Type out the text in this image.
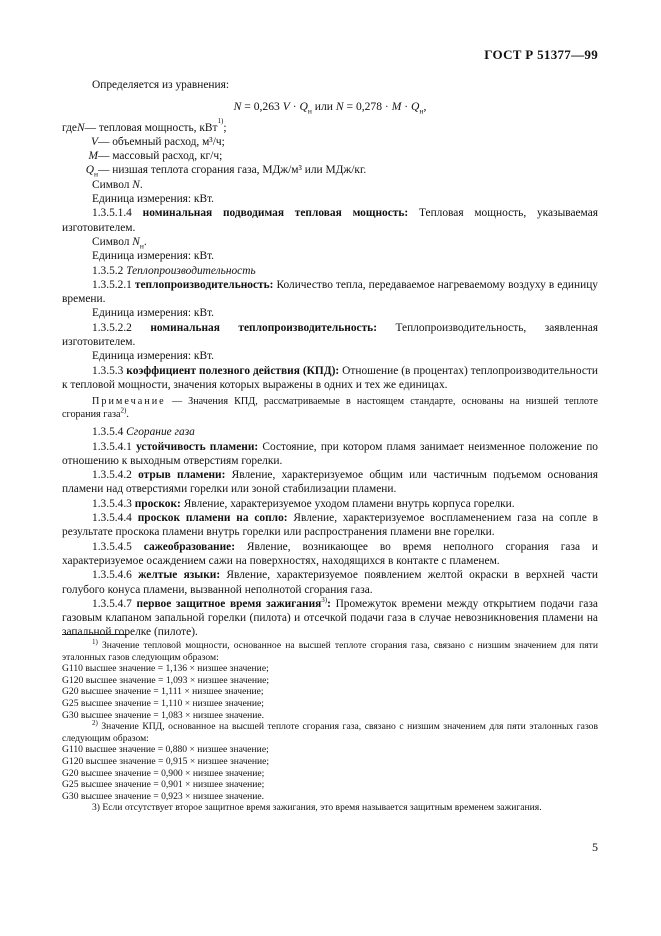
ГОСТ Р 51377—99

Определяется из уравнения:

N = 0,263 $V \cdot Q_н$ или $N = 0,278 \cdot M \cdot Q_н$,
где N — тепловая мощность, кВт
1)
;
V — объемный расход, м³/ч;
M — массовый расход, кг/ч;
$Q_н$ — низшая теплота сгорания газа, МДж/м³ или МДж/кг.

Символ N.

Единица измерения: кВт.

1.3.5.1.4 номинальная подводимая тепловая мощность: Тепловая мощность, указываемая изготовителем.

Символ $N_н$.

Единица измерения: кВт.

1.3.5.2 Теплопроизводительность

1.3.5.2.1 теплопроизводительность: Количество тепла, передаваемое нагреваемому воздуху в единицу времени.

Единица измерения: кВт.

1.3.5.2.2 номинальная теплопроизводительность: Теплопроизводительность, заявленная изготовителем.

Единица измерения: кВт.

1.3.5.3 коэффициент полезного действия (КПД): Отношение (в процентах) теплопроизводительности к тепловой мощности, значения которых выражены в одних и тех же единицах.

Примечание — Значения КПД, рассматриваемые в настоящем стандарте, основаны на низшей теплоте сгорания газа$^{2)}$.

1.3.5.4 Сгорание газа

1.3.5.4.1 устойчивость пламени: Состояние, при котором пламя занимает неизменное положение по отношению к выходным отверстиям горелки.

1.3.5.4.2 отрыв пламени: Явление, характеризуемое общим или частичным подъемом основания пламени над отверстиями горелки или зоной стабилизации пламени.

1.3.5.4.3 проскок: Явление, характеризуемое уходом пламени внутрь корпуса горелки.

1.3.5.4.4 проскок пламени на сопло: Явление, характеризуемое воспламенением газа на сопле в результате проскока пламени внутрь горелки или распространения пламени вне горелки.

1.3.5.4.5 сажеобразование: Явление, возникающее во время неполного сгорания газа и характеризуемое осаждением сажи на поверхностях, находящихся в контакте с пламенем.

1.3.5.4.6 желтые языки: Явление, характеризуемое появлением желтой окраски в верхней части голубого конуса пламени, вызванной неполнотой сгорания газа.

1.3.5.4.7 первое защитное время зажигания$^{3)}$: Промежуток времени между открытием подачи газа газовым клапаном запальной горелки (пилота) и отсечкой подачи газа в случае невозникновения пламени на запальной горелке (пилоте).

$^{1)}$ Значение тепловой мощности, основанное на высшей теплоте сгорания газа, связано с низшим значением для пяти эталонных газов следующим образом:

G110 высшее значение = 1,136 × низшее значение;

G120 высшее значение = 1,093 × низшее значение;

G20 высшее значение = 1,111 × низшее значение;

G25 высшее значение = 1,110 × низшее значение;

G30 высшее значение = 1,083 × низшее значение.

$^{2)}$ Значение КПД, основанное на высшей теплоте сгорания газа, связано с низшим значением для пяти эталонных газов следующим образом:

G110 высшее значение = 0,880 × низшее значение;

G120 высшее значение = 0,915 × низшее значение;

G20 высшее значение = 0,900 × низшее значение;

G25 высшее значение = 0,901 × низшее значение;

G30 высшее значение = 0,923 × низшее значение.

3) Если отсутствует второе защитное время зажигания, это время называется защитным временем зажигания.

5
